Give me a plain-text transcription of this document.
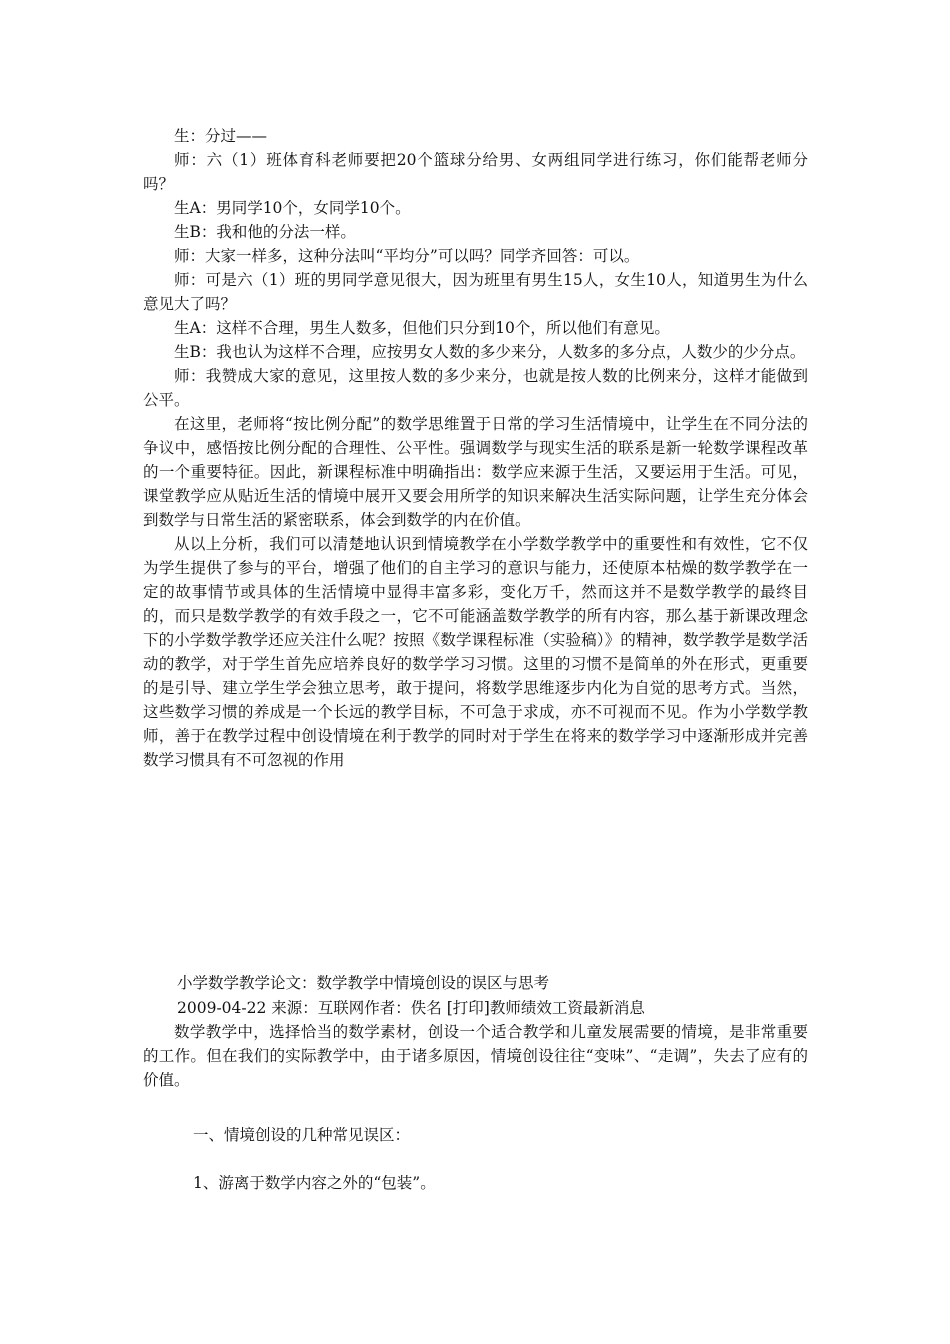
生：分过——

师：六（1）班体育科老师要把20个篮球分给男、女两组同学进行练习，你们能帮老师分吗？

生A：男同学10个，女同学10个。

生B：我和他的分法一样。

师：大家一样多，这种分法叫“平均分”可以吗？同学齐回答：可以。

师：可是六（1）班的男同学意见很大，因为班里有男生15人，女生10人，知道男生为什么意见大了吗？

生A：这样不合理，男生人数多，但他们只分到10个，所以他们有意见。

生B：我也认为这样不合理，应按男女人数的多少来分，人数多的多分点，人数少的少分点。

师：我赞成大家的意见，这里按人数的多少来分，也就是按人数的比例来分，这样才能做到公平。

在这里，老师将“按比例分配”的数学思维置于日常的学习生活情境中，让学生在不同分法的争议中，感悟按比例分配的合理性、公平性。强调数学与现实生活的联系是新一轮数学课程改革的一个重要特征。因此，新课程标准中明确指出：数学应来源于生活，又要运用于生活。可见，课堂教学应从贴近生活的情境中展开又要会用所学的知识来解决生活实际问题，让学生充分体会到数学与日常生活的紧密联系，体会到数学的内在价值。

从以上分析，我们可以清楚地认识到情境教学在小学数学教学中的重要性和有效性，它不仅为学生提供了参与的平台，增强了他们的自主学习的意识与能力，还使原本枯燥的数学教学在一定的故事情节或具体的生活情境中显得丰富多彩，变化万千，然而这并不是数学教学的最终目的，而只是数学教学的有效手段之一，它不可能涵盖数学教学的所有内容，那么基于新课改理念下的小学数学教学还应关注什么呢？按照《数学课程标准（实验稿）》的精神，数学教学是数学活动的教学，对于学生首先应培养良好的数学学习习惯。这里的习惯不是简单的外在形式，更重要的是引导、建立学生学会独立思考，敢于提问，将数学思维逐步内化为自觉的思考方式。当然，这些数学习惯的养成是一个长远的教学目标，不可急于求成，亦不可视而不见。作为小学数学教师，善于在教学过程中创设情境在利于教学的同时对于学生在将来的数学学习中逐渐形成并完善数学习惯具有不可忽视的作用

小学数学教学论文：数学教学中情境创设的误区与思考
2009-04-22 来源：互联网作者：佚名 [打印]教师绩效工资最新消息

数学教学中，选择恰当的数学素材，创设一个适合教学和儿童发展需要的情境，是非常重要的工作。但在我们的实际教学中，由于诸多原因，情境创设往往“变味”、“走调”，失去了应有的价值。

一、情境创设的几种常见误区：
1、游离于数学内容之外的“包装”。
